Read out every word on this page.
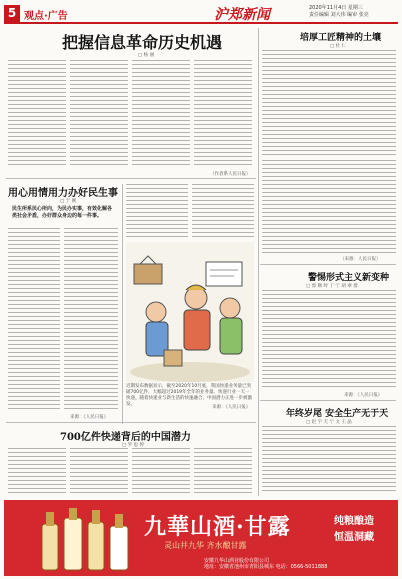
5 观点·广告	沪郑新闻	2020年11月4日 星期三
责任编辑 刘大伟 编审 张亮
把握信息革命历史机遇
□ 杨 丽
（作者系人民日报）
用心用情用力办好民生事
□ 于 刚
民生所系民心所向，为民办实事，有效化解各类社会矛盾，办好群众身边的每一件事。
来源：《人民日报》
近期发布数据显示，截至2020年10月底，我国快递业务量已突破700亿件，大幅超过2019年全年的业务量。快递行业一天一快递。随着快递业与新生活的快速融合，中国潜力正进一步被激发。
来源：《人民日报》
700亿件快递背后的中国潜力
□ 罗 思 婷
培厚工匠精神的土壤
□ 杜 仁
（来源：人民日报）
警惕形式主义新变种
□ 郭 顺 时 丁 宁 胡 翠 群
来源：《人民日报》
年终岁尾 安全生产无于天
□ 赵 宇 天 宁 文 王 晶
九華山酒·甘露
灵山井九华 齐水酿甘露
纯粮酿造
恒温洞藏
安徽九华山酒业股份有限公司
地址：安徽省池州市青阳县城东 电话：0566-5011888
